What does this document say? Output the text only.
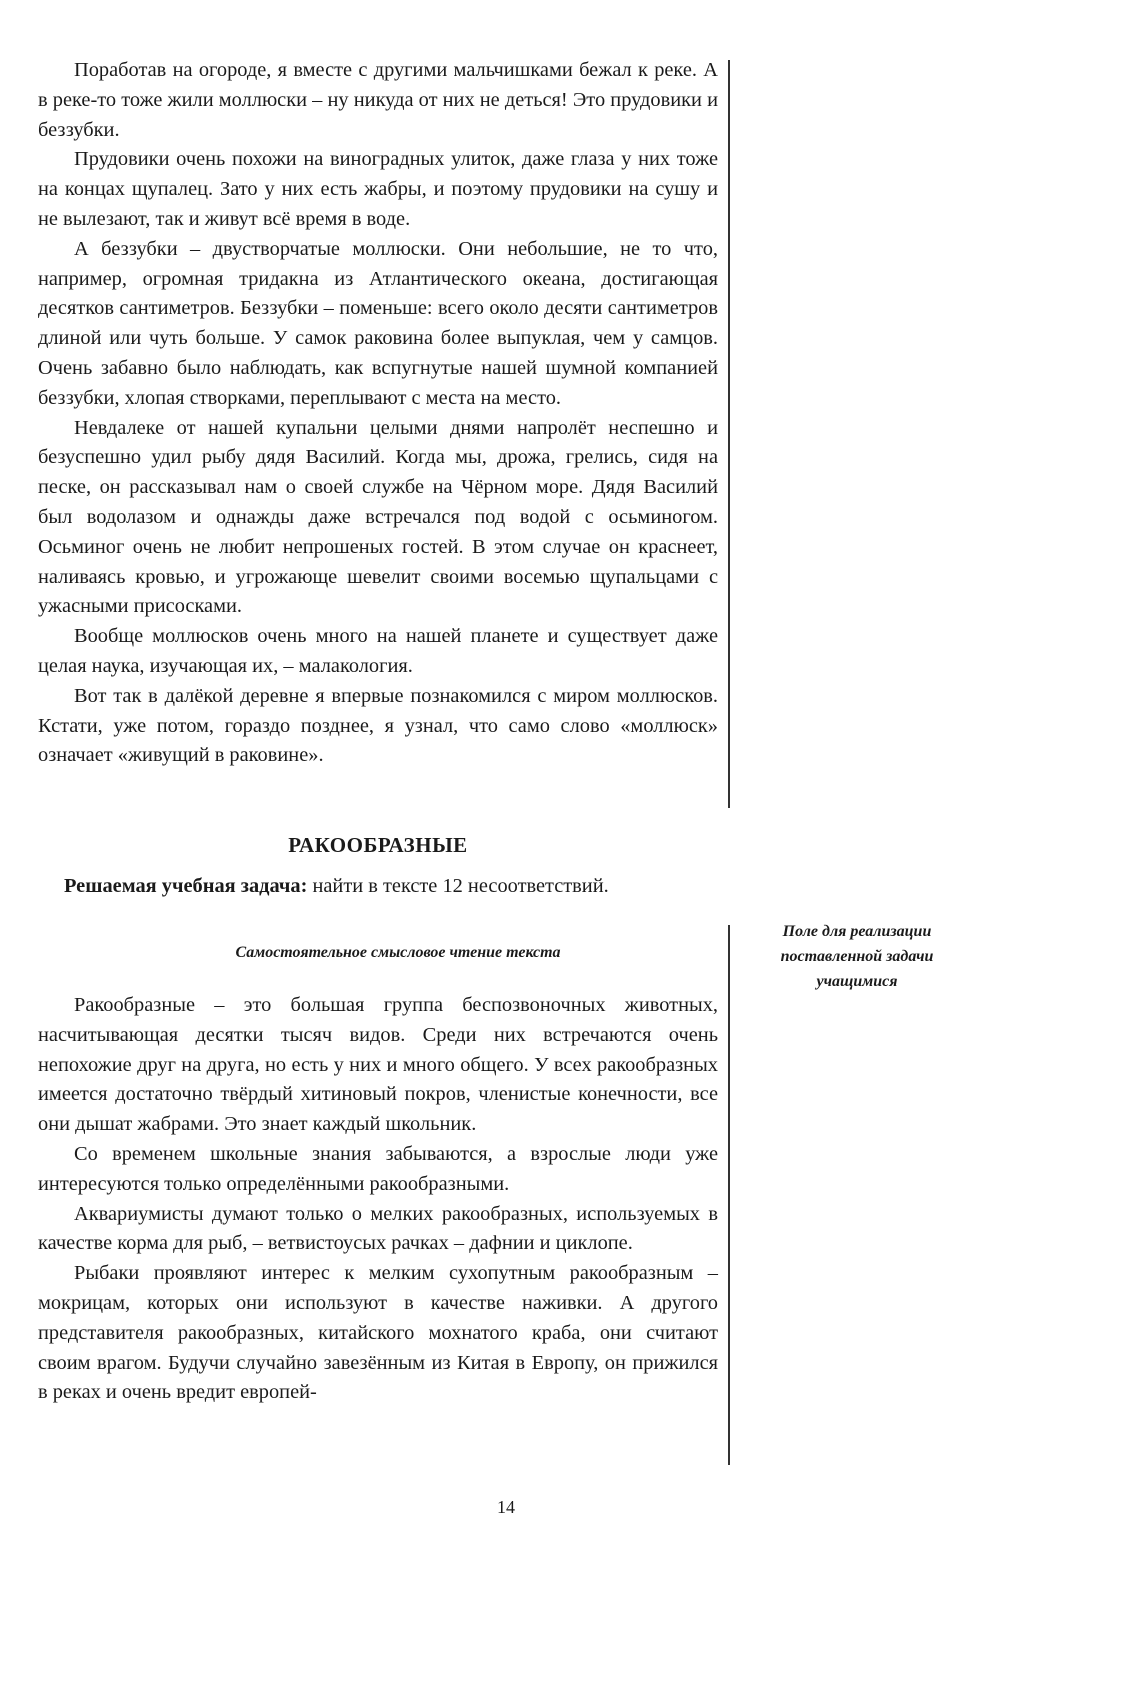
Поработав на огороде, я вместе с другими мальчишками бежал к реке. А в реке-то тоже жили моллюски – ну никуда от них не деться! Это прудовики и беззубки.

Прудовики очень похожи на виноградных улиток, даже глаза у них тоже на концах щупалец. Зато у них есть жабры, и поэтому прудовики на сушу и не вылезают, так и живут всё время в воде.

А беззубки – двустворчатые моллюски. Они небольшие, не то что, например, огромная тридакна из Атлантического океана, достигающая десятков сантиметров. Беззубки – поменьше: всего около десяти сантиметров длиной или чуть больше. У самок раковина более выпуклая, чем у самцов. Очень забавно было наблюдать, как вспугнутые нашей шумной компанией беззубки, хлопая створками, переплывают с места на место.

Невдалеке от нашей купальни целыми днями напролёт неспешно и безуспешно удил рыбу дядя Василий. Когда мы, дрожа, грелись, сидя на песке, он рассказывал нам о своей службе на Чёрном море. Дядя Василий был водолазом и однажды даже встречался под водой с осьминогом. Осьминог очень не любит непрошеных гостей. В этом случае он краснеет, наливаясь кровью, и угрожающе шевелит своими восемью щупальцами с ужасными присосками.

Вообще моллюсков очень много на нашей планете и существует даже целая наука, изучающая их, – малакология.

Вот так в далёкой деревне я впервые познакомился с миром моллюсков. Кстати, уже потом, гораздо позднее, я узнал, что само слово «моллюск» означает «живущий в раковине».

РАКООБРАЗНЫЕ
Решаемая учебная задача: найти в тексте 12 несоответствий.
Самостоятельное смысловое чтение текста
Поле для реализации
поставленной задачи
учащимися

Ракообразные – это большая группа беспозвоночных животных, насчитывающая десятки тысяч видов. Среди них встречаются очень непохожие друг на друга, но есть у них и много общего. У всех ракообразных имеется достаточно твёрдый хитиновый покров, членистые конечности, все они дышат жабрами. Это знает каждый школьник.

Со временем школьные знания забываются, а взрослые люди уже интересуются только определёнными ракообразными.

Аквариумисты думают только о мелких ракообразных, используемых в качестве корма для рыб, – ветвистоусых рачках – дафнии и циклопе.

Рыбаки проявляют интерес к мелким сухопутным ракообразным – мокрицам, которых они используют в качестве наживки. А другого представителя ракообразных, китайского мохнатого краба, они считают своим врагом. Будучи случайно завезённым из Китая в Европу, он прижился в реках и очень вредит европей-

14
